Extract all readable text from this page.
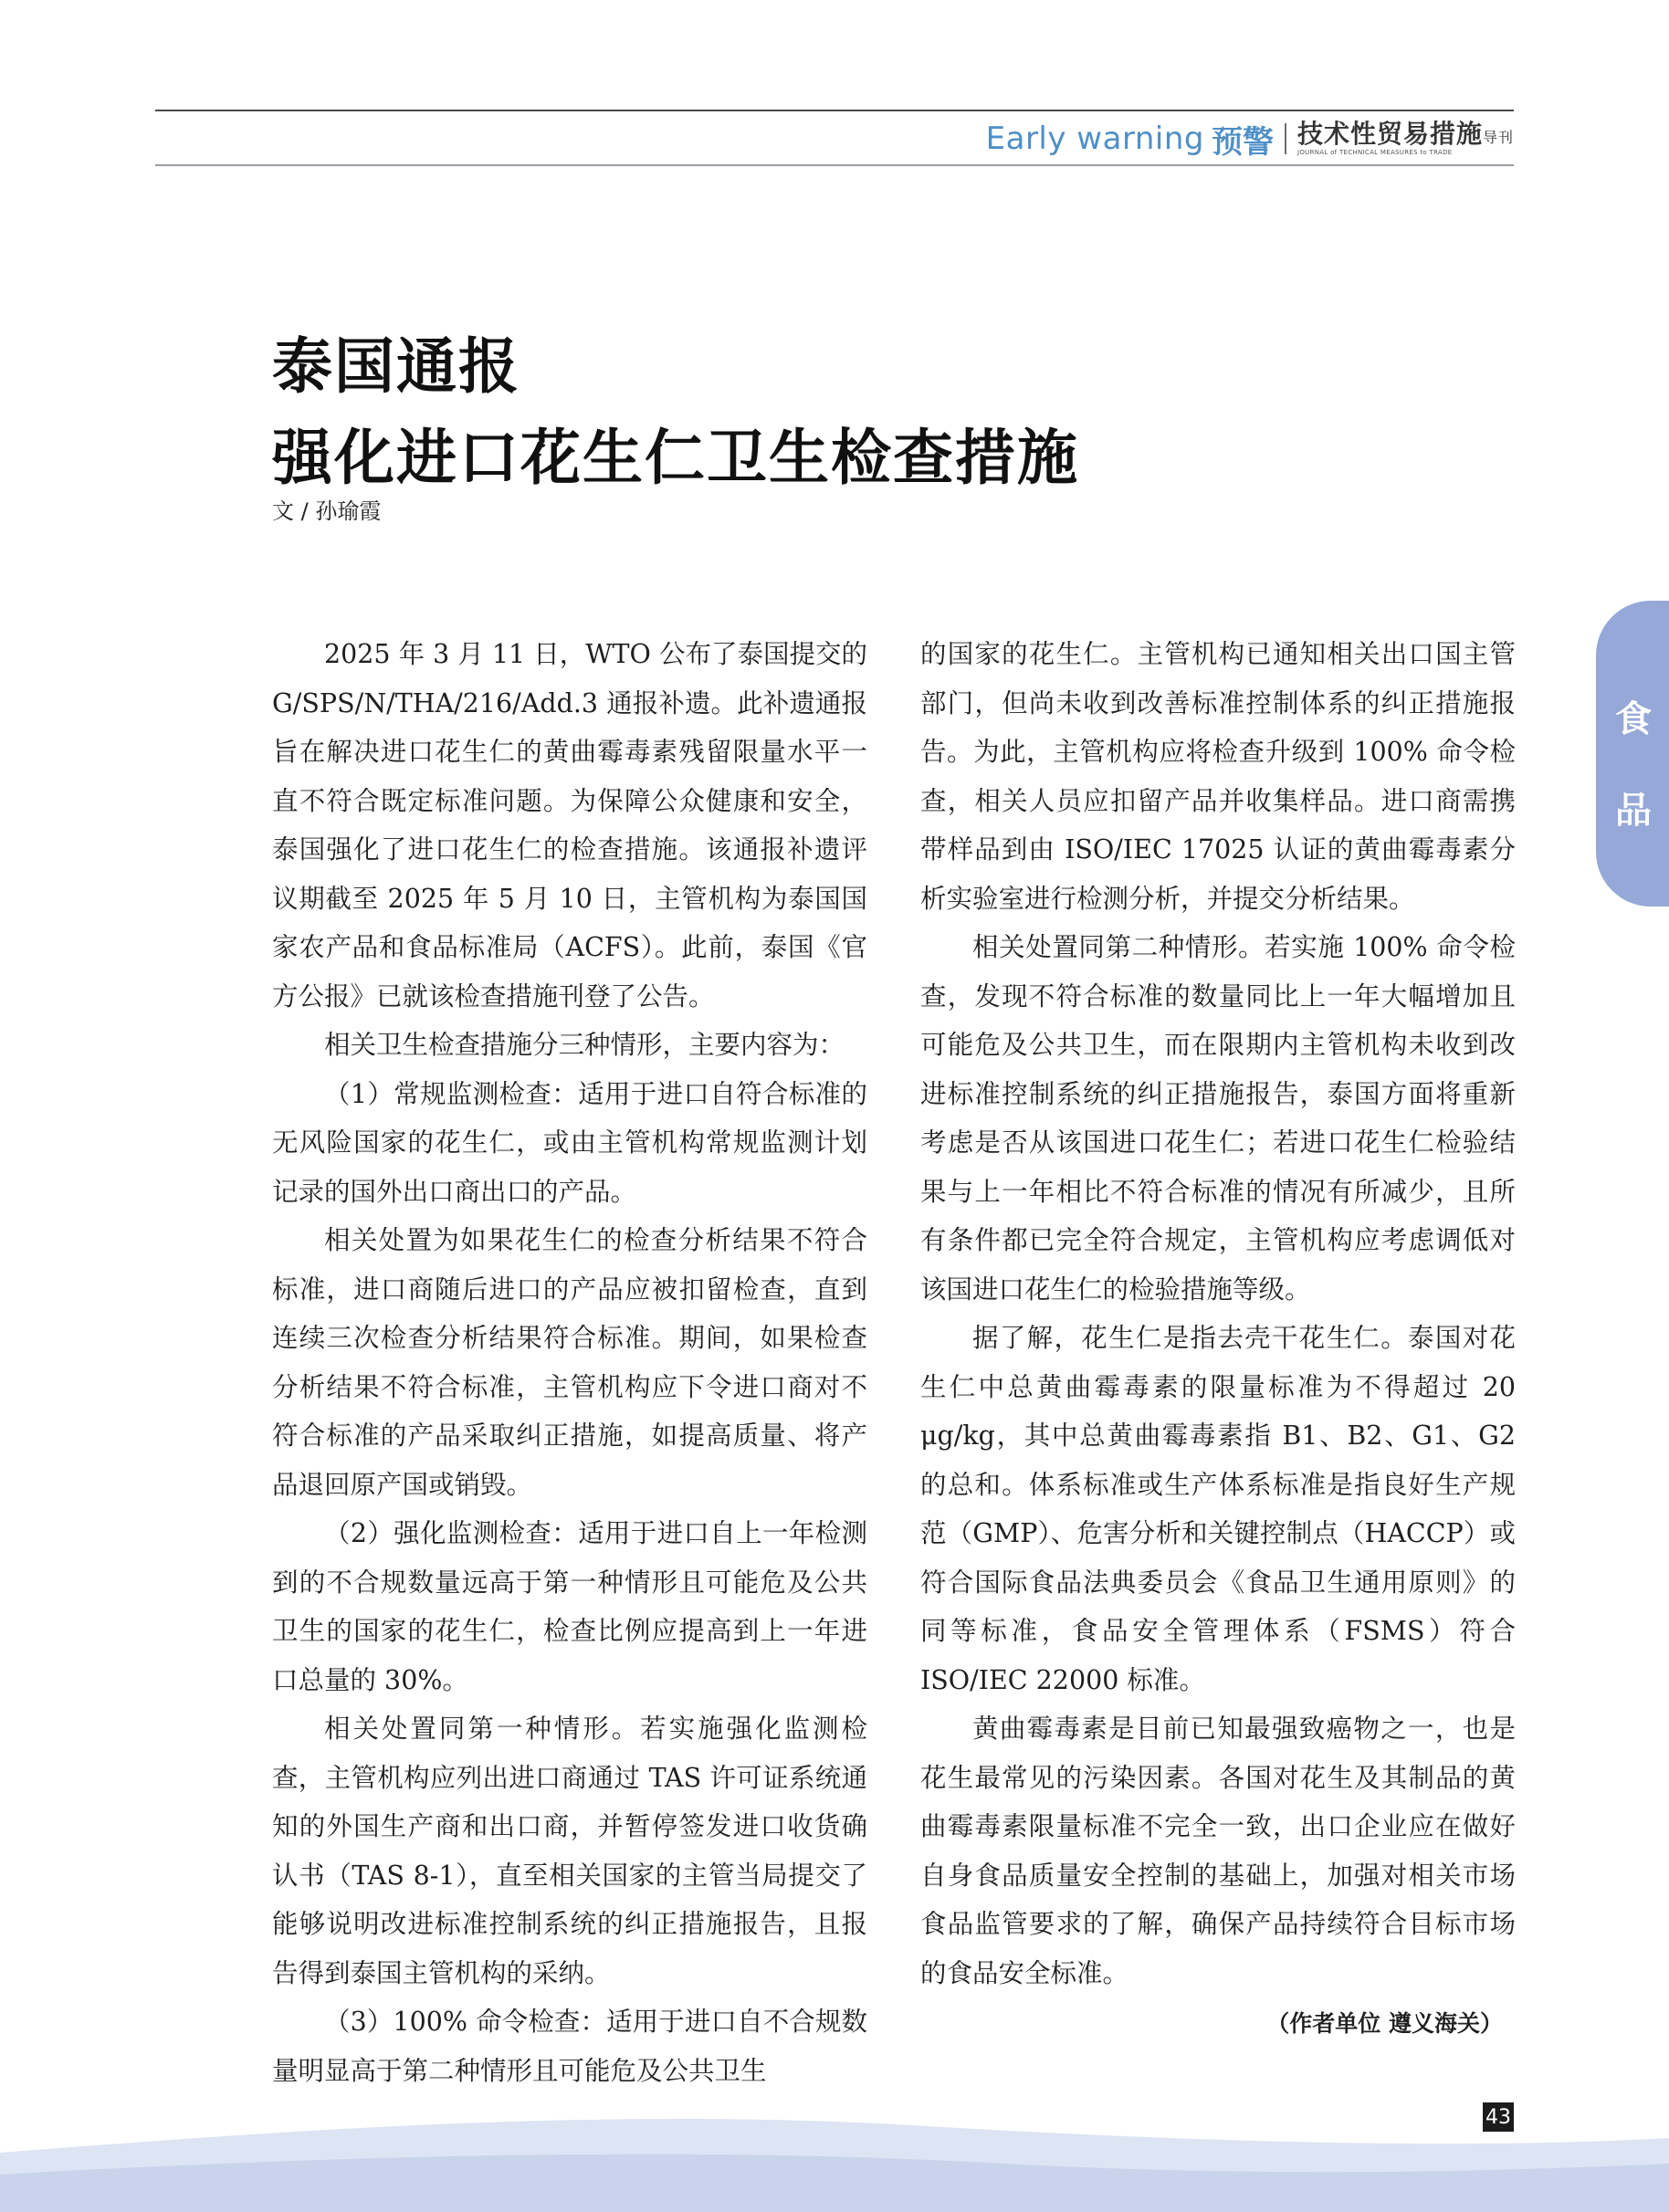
Early warning 预警 技术性贸易措施导刊
JOURNAL of TECHNICAL MEASURES to TRADE
泰国通报
强化进口花生仁卫生检查措施
文 / 孙瑜霞

2025 年 3 月 11 日，WTO 公布了泰国提交的 G/SPS/N/THA/216/Add.3 通报补遗。此补遗通报旨在解决进口花生仁的黄曲霉毒素残留限量水平一直不符合既定标准问题。为保障公众健康和安全，泰国强化了进口花生仁的检查措施。该通报补遗评议期截至 2025 年 5 月 10 日，主管机构为泰国国家农产品和食品标准局（ACFS）。此前，泰国《官方公报》已就该检查措施刊登了公告。

相关卫生检查措施分三种情形，主要内容为：

（1）常规监测检查：适用于进口自符合标准的无风险国家的花生仁，或由主管机构常规监测计划记录的国外出口商出口的产品。

相关处置为如果花生仁的检查分析结果不符合标准，进口商随后进口的产品应被扣留检查，直到连续三次检查分析结果符合标准。期间，如果检查分析结果不符合标准，主管机构应下令进口商对不符合标准的产品采取纠正措施，如提高质量、将产品退回原产国或销毁。

（2）强化监测检查：适用于进口自上一年检测到的不合规数量远高于第一种情形且可能危及公共卫生的国家的花生仁，检查比例应提高到上一年进口总量的 30%。

相关处置同第一种情形。若实施强化监测检查，主管机构应列出进口商通过 TAS 许可证系统通知的外国生产商和出口商，并暂停签发进口收货确认书（TAS 8-1），直至相关国家的主管当局提交了能够说明改进标准控制系统的纠正措施报告，且报告得到泰国主管机构的采纳。

（3）100% 命令检查：适用于进口自不合规数量明显高于第二种情形且可能危及公共卫生

的国家的花生仁。主管机构已通知相关出口国主管部门，但尚未收到改善标准控制体系的纠正措施报告。为此，主管机构应将检查升级到 100% 命令检查，相关人员应扣留产品并收集样品。进口商需携带样品到由 ISO/IEC 17025 认证的黄曲霉毒素分析实验室进行检测分析，并提交分析结果。

相关处置同第二种情形。若实施 100% 命令检查，发现不符合标准的数量同比上一年大幅增加且可能危及公共卫生，而在限期内主管机构未收到改进标准控制系统的纠正措施报告，泰国方面将重新考虑是否从该国进口花生仁；若进口花生仁检验结果与上一年相比不符合标准的情况有所减少，且所有条件都已完全符合规定，主管机构应考虑调低对该国进口花生仁的检验措施等级。

据了解，花生仁是指去壳干花生仁。泰国对花生仁中总黄曲霉毒素的限量标准为不得超过 20 μg/kg，其中总黄曲霉毒素指 B1、B2、G1、G2 的总和。体系标准或生产体系标准是指良好生产规范（GMP）、危害分析和关键控制点（HACCP）或符合国际食品法典委员会《食品卫生通用原则》的同等标准，食品安全管理体系（FSMS）符合 ISO/IEC 22000 标准。

黄曲霉毒素是目前已知最强致癌物之一，也是花生最常见的污染因素。各国对花生及其制品的黄曲霉毒素限量标准不完全一致，出口企业应在做好自身食品质量安全控制的基础上，加强对相关市场食品监管要求的了解，确保产品持续符合目标市场的食品安全标准。

（作者单位 遵义海关）

食
品
43
